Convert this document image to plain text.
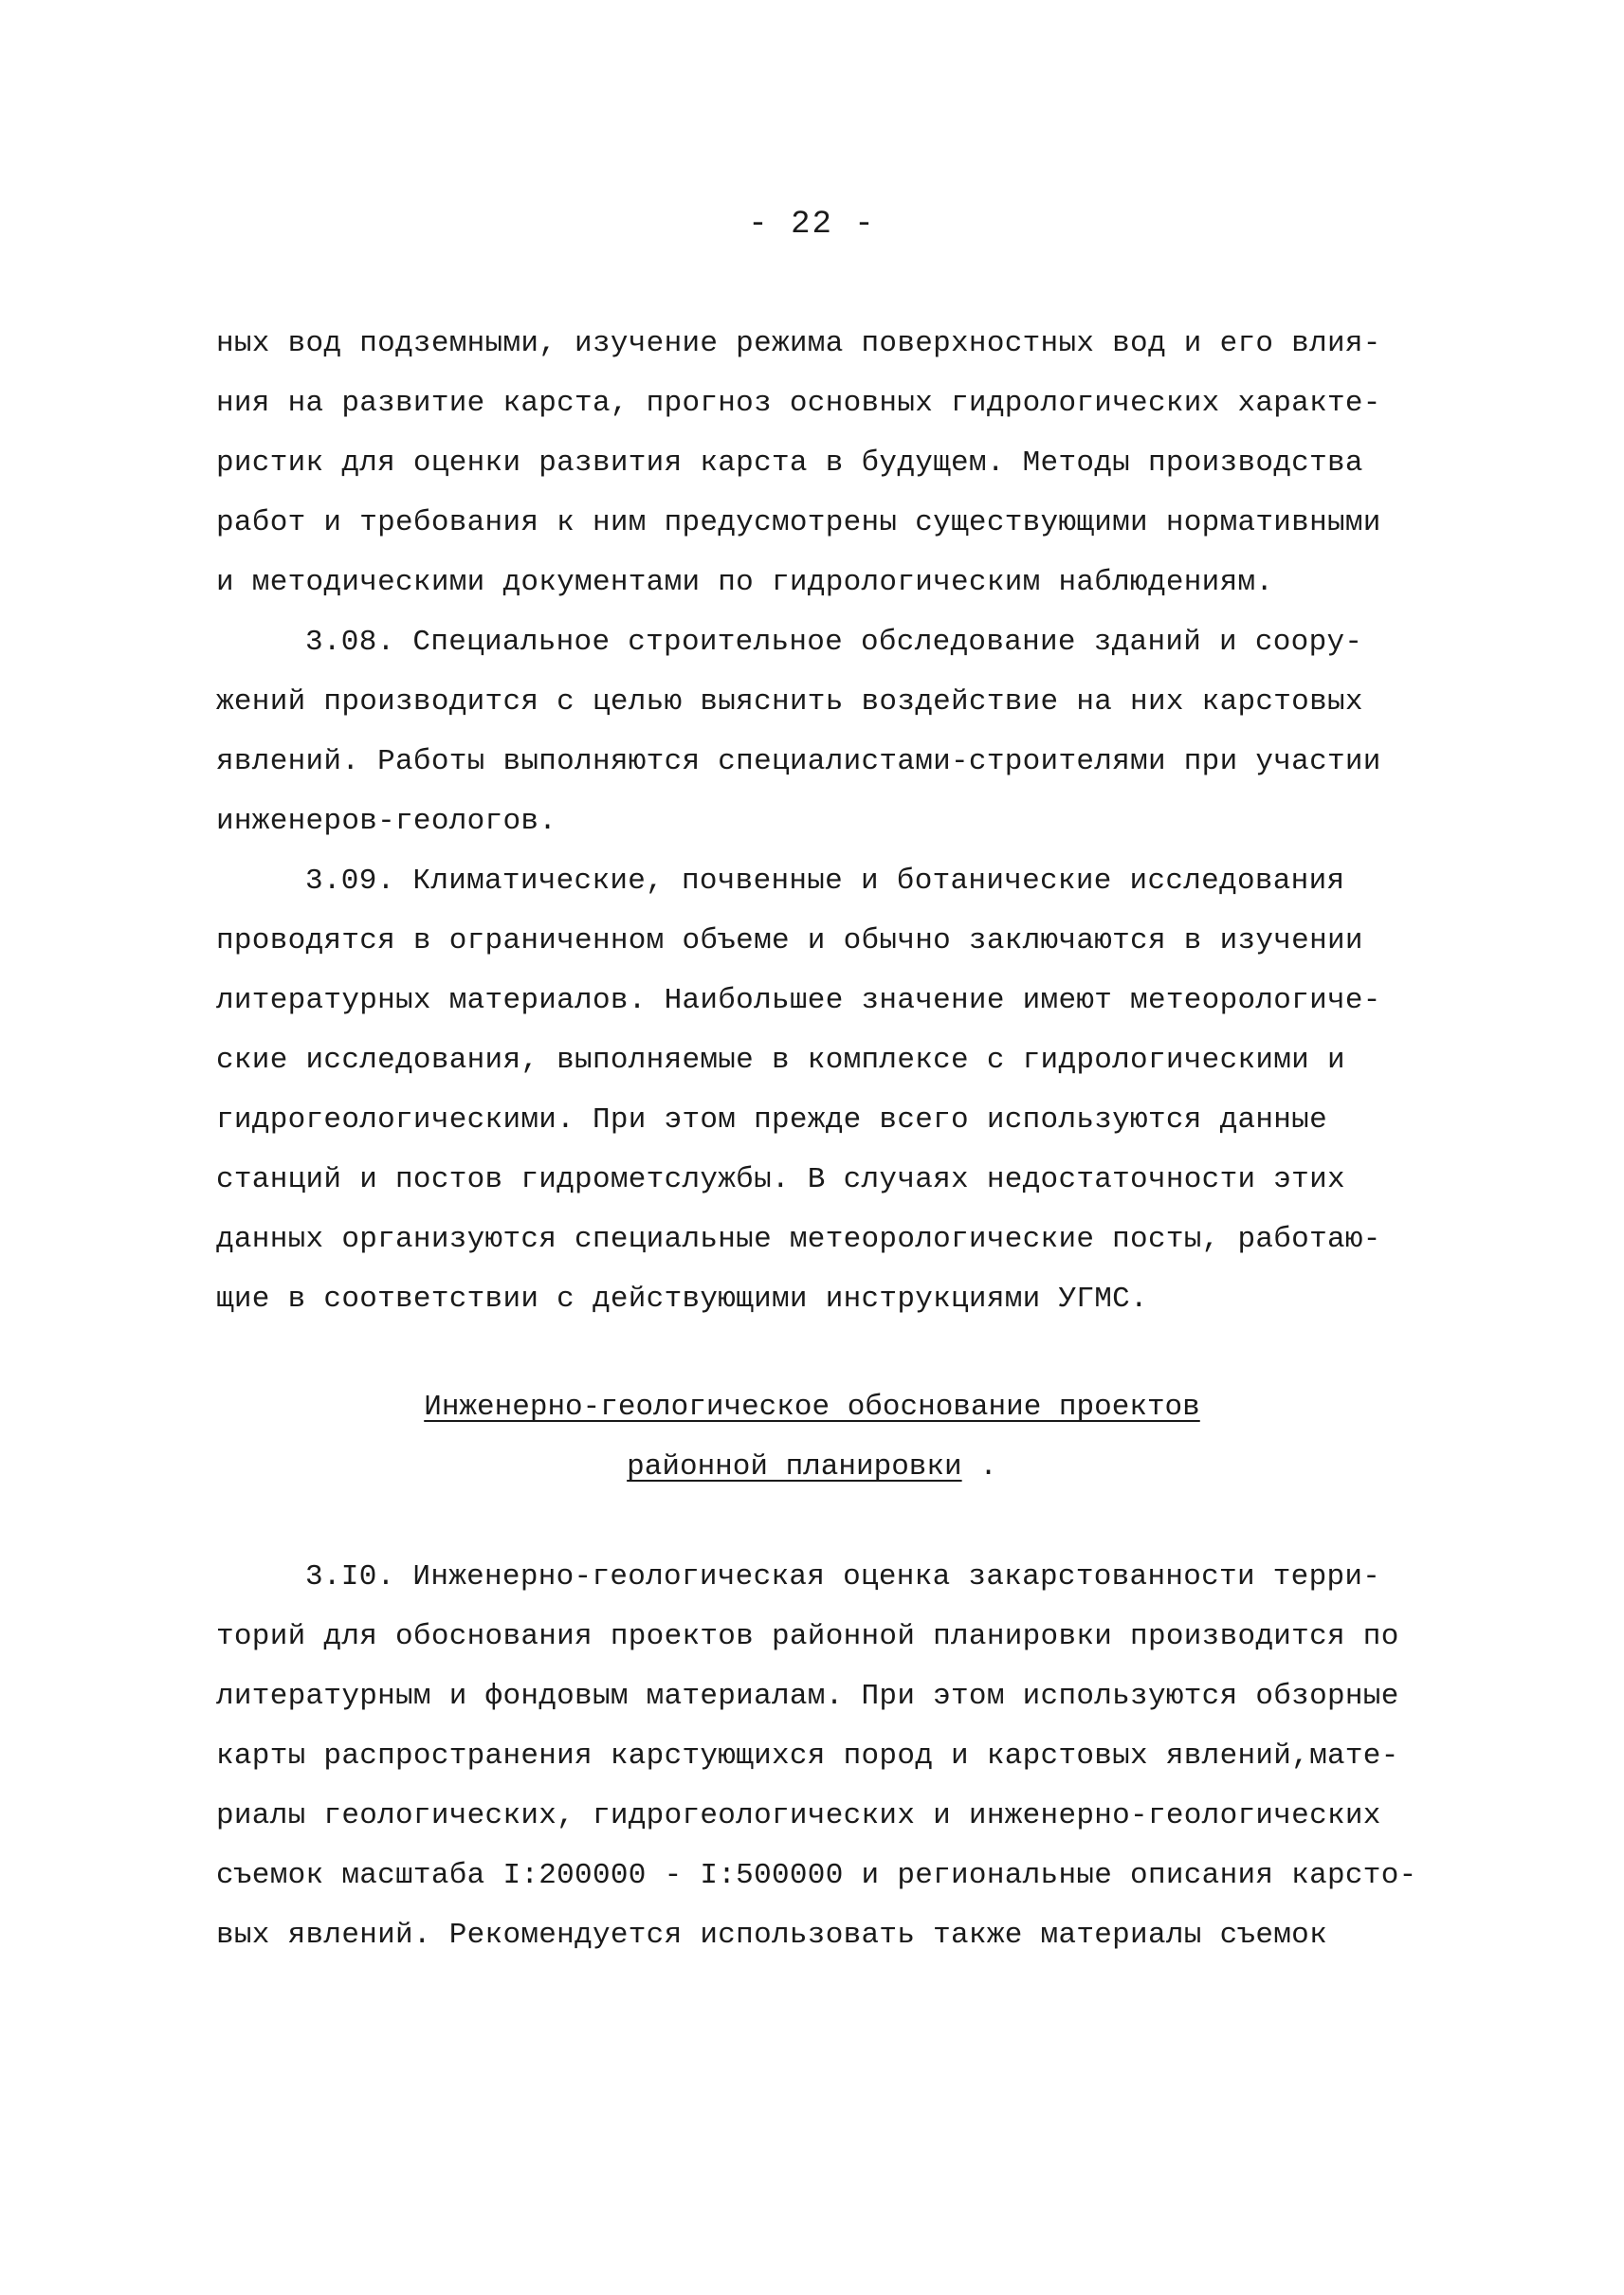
- 22 -
ных вод подземными, изучение режима поверхностных вод и его влия-
ния на развитие карста, прогноз основных гидрологических характе-
ристик для оценки развития карста в будущем. Методы производства
работ и требования к ним предусмотрены существующими нормативными
и методическими документами по гидрологическим наблюдениям.
3.08. Специальное строительное обследование зданий и соору-
жений производится с целью выяснить воздействие на них карстовых
явлений. Работы выполняются специалистами-строителями при участии
инженеров-геологов.
3.09. Климатические, почвенные и ботанические исследования
проводятся в ограниченном объеме и обычно заключаются в изучении
литературных материалов. Наибольшее значение имеют метеорологиче-
ские исследования, выполняемые в комплексе с гидрологическими и
гидрогеологическими. При этом прежде всего используются данные
станций и постов гидрометслужбы. В случаях недостаточности этих
данных организуются специальные метеорологические посты, работаю-
щие в соответствии с действующими инструкциями УГМС.
Инженерно-геологическое обоснование проектов
районной планировки .
3.I0. Инженерно-геологическая оценка закарстованности терри-
торий для обоснования проектов районной планировки производится по
литературным и фондовым материалам. При этом используются обзорные
карты распространения карстующихся пород и карстовых явлений,мате-
риалы геологических, гидрогеологических и инженерно-геологических
съемок масштаба I:200000 - I:500000 и региональные описания карсто-
вых явлений. Рекомендуется использовать также материалы съемок
